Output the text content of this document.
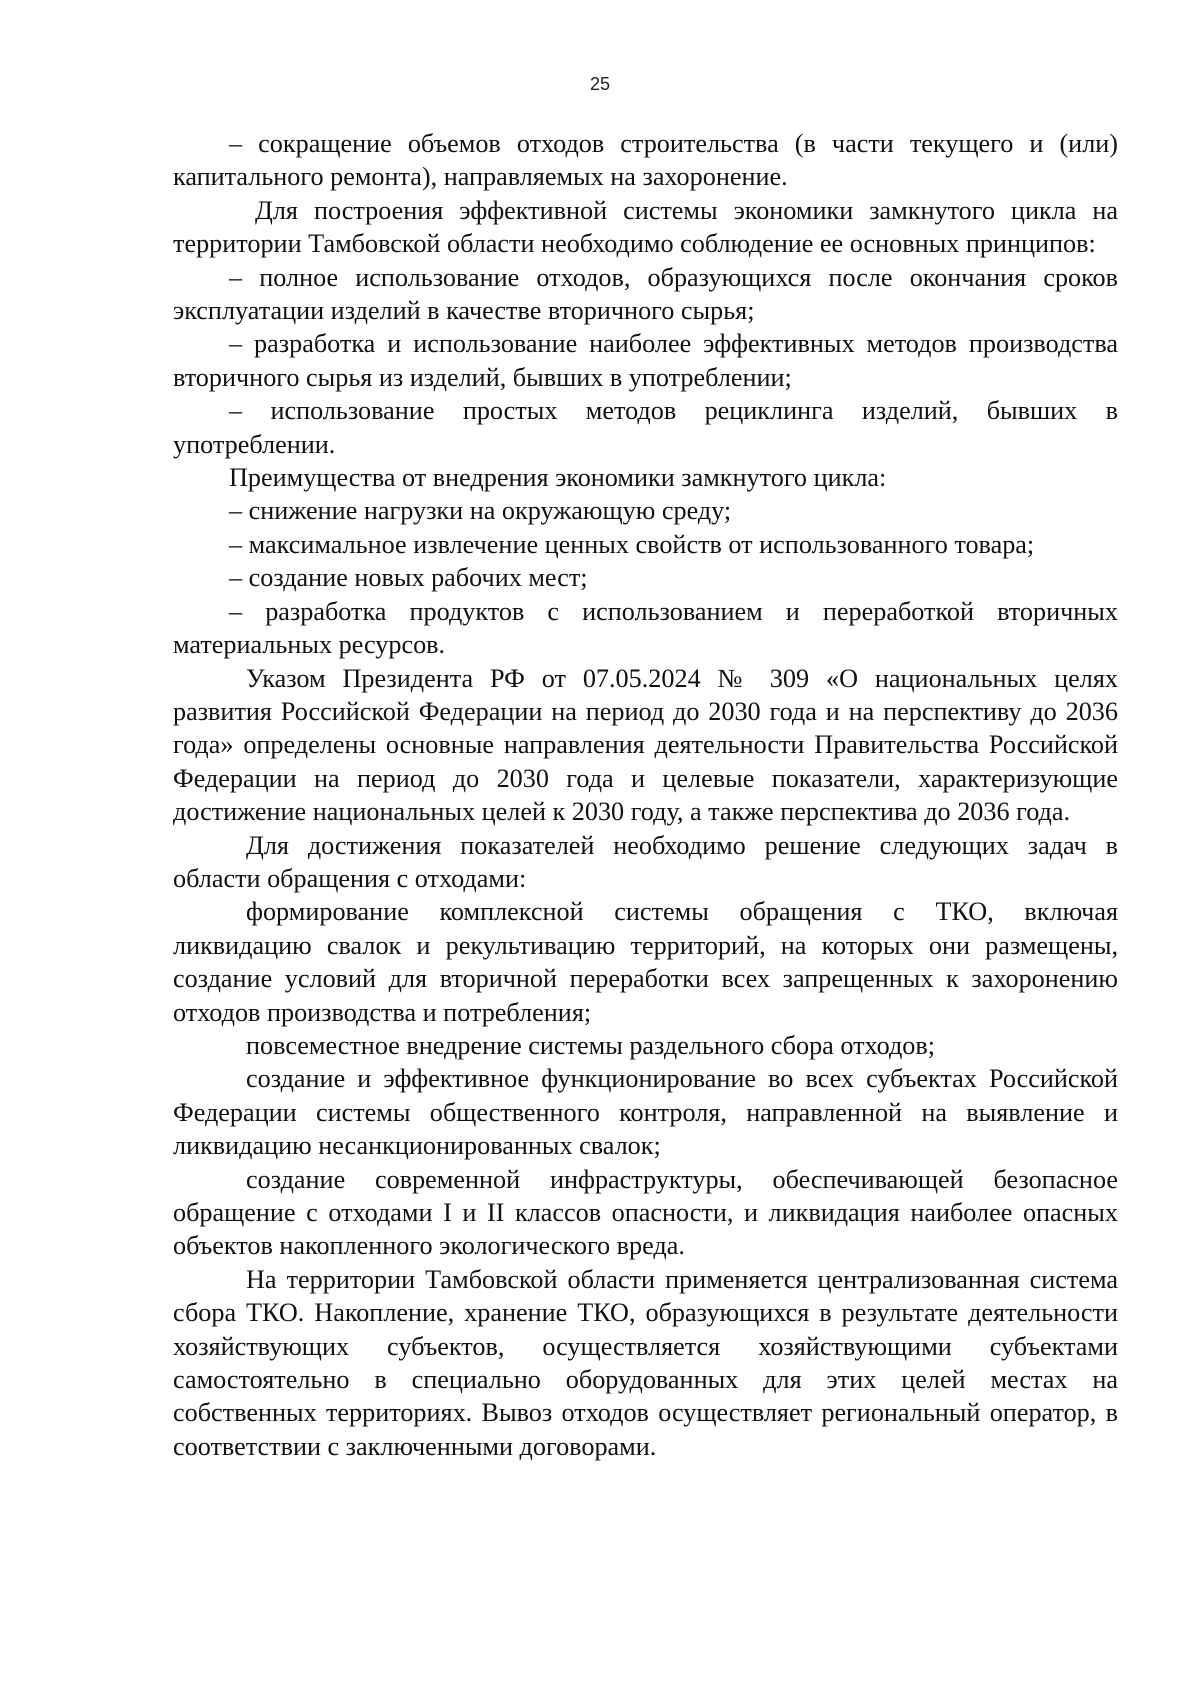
25

– сокращение объемов отходов строительства (в части текущего и (или) капитального ремонта), направляемых на захоронение.

Для построения эффективной системы экономики замкнутого цикла на территории Тамбовской области необходимо соблюдение ее основных принципов:

– полное использование отходов, образующихся после окончания сроков эксплуатации изделий в качестве вторичного сырья;

– разработка и использование наиболее эффективных методов производства вторичного сырья из изделий, бывших в употреблении;

– использование простых методов рециклинга изделий, бывших в употреблении.

Преимущества от внедрения экономики замкнутого цикла:

– снижение нагрузки на окружающую среду;

– максимальное извлечение ценных свойств от использованного товара;

– создание новых рабочих мест;

– разработка продуктов с использованием и переработкой вторичных материальных ресурсов.

Указом Президента РФ от 07.05.2024 № 309 «О национальных целях развития Российской Федерации на период до 2030 года и на перспективу до 2036 года» определены основные направления деятельности Правительства Российской Федерации на период до 2030 года и целевые показатели, характеризующие достижение национальных целей к 2030 году, а также перспектива до 2036 года.

Для достижения показателей необходимо решение следующих задач в области обращения с отходами:

формирование комплексной системы обращения с ТКО, включая ликвидацию свалок и рекультивацию территорий, на которых они размещены, создание условий для вторичной переработки всех запрещенных к захоронению отходов производства и потребления;

повсеместное внедрение системы раздельного сбора отходов;

создание и эффективное функционирование во всех субъектах Российской Федерации системы общественного контроля, направленной на выявление и ликвидацию несанкционированных свалок;

создание современной инфраструктуры, обеспечивающей безопасное обращение с отходами I и II классов опасности, и ликвидация наиболее опасных объектов накопленного экологического вреда.

На территории Тамбовской области применяется централизованная система сбора ТКО. Накопление, хранение ТКО, образующихся в результате деятельности хозяйствующих субъектов, осуществляется хозяйствующими субъектами самостоятельно в специально оборудованных для этих целей местах на собственных территориях. Вывоз отходов осуществляет региональный оператор, в соответствии с заключенными договорами.
